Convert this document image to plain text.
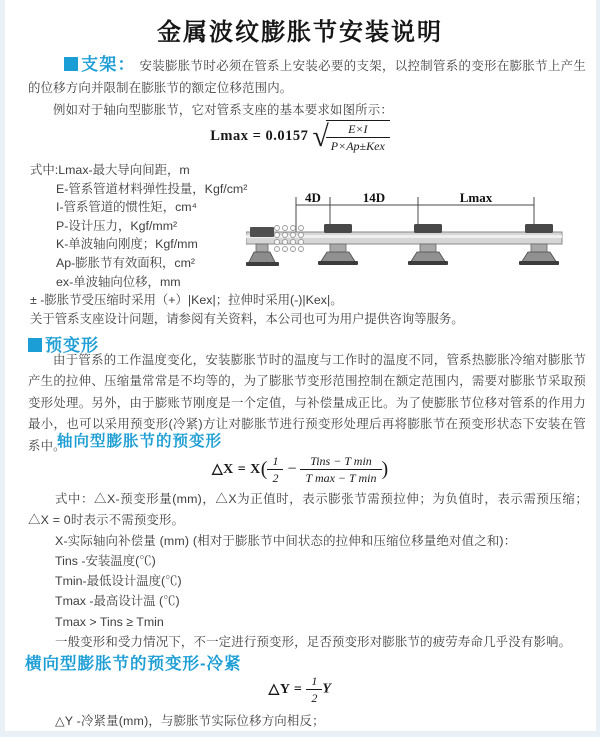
金属波纹膨胀节安装说明
支架： 安装膨胀节时必须在管系上安装必要的支架，以控制管系的变形在膨胀节上产生的位移方向并限制在膨胀节的额定位移范围内。
例如对于轴向型膨胀节，它对管系支座的基本要求如图所示：
Lmax = 0.0157 √
$\frac{E\times I}{\text{P×Ap±Kex}}$
式中:Lmax-最大导向间距，m
E-管系管道材料弹性投量，Kgf/cm²
I-管系管道的惯性矩，cm⁴
P-设计压力，Kgf/mm²
K-单波轴向刚度；Kgf/mm
Ap-膨胀节有效面积，cm²
ex-单波轴向位移，mm
± -膨胀节受压缩时采用（+）|Kex|；拉伸时采用(-)|Kex|。
关于管系支座设计问题，请参阅有关资料，本公司也可为用户提供咨询等服务。
4D	14D	Lmax
预变形
由于管系的工作温度变化，安装膨胀节时的温度与工作时的温度不同，管系热膨胀冷缩对膨胀节产生的拉伸、压缩量常常是不均等的，为了膨胀节变形范围控制在额定范围内，需要对膨胀节采取预变形处理。另外，由于膨账节刚度是一个定值，与补偿量成正比。为了使膨胀节位移对管系的作用力最小，也可以采用预变形(冷紧)方让对膨胀节进行预变形处理后再将膨胀节在预变形状态下安装在管系中。
轴向型膨胀节的预变形
△X = $X( \frac{1}{2} - \frac{\text{Tins − T min}}{\text{T max − T min}}$ )
式中：△X-预变形量(mm)，△X为正值时，表示膨张节需预拉伸；为负值时，表示需预压缩；△X = 0时表示不需预变形。
X-实际轴向补偿量 (mm) (相对于膨胀节中间状态的拉伸和压缩位移量绝对值之和)：
Tins -安装温度(℃)
Tmin-最低设计温度(℃)
Tmax -最高设计温 (℃)
Tmax > Tins ≥ Tmin
一般变形和受力情况下，不一定进行预变形，足否预变形对膨胀节的疲劳寿命几乎没有影响。
横向型膨胀节的预变形-冷紧
△Y = $\frac{1}{2}$ Y
△Y -冷紧量(mm)，与膨胀节实际位移方向相反；
